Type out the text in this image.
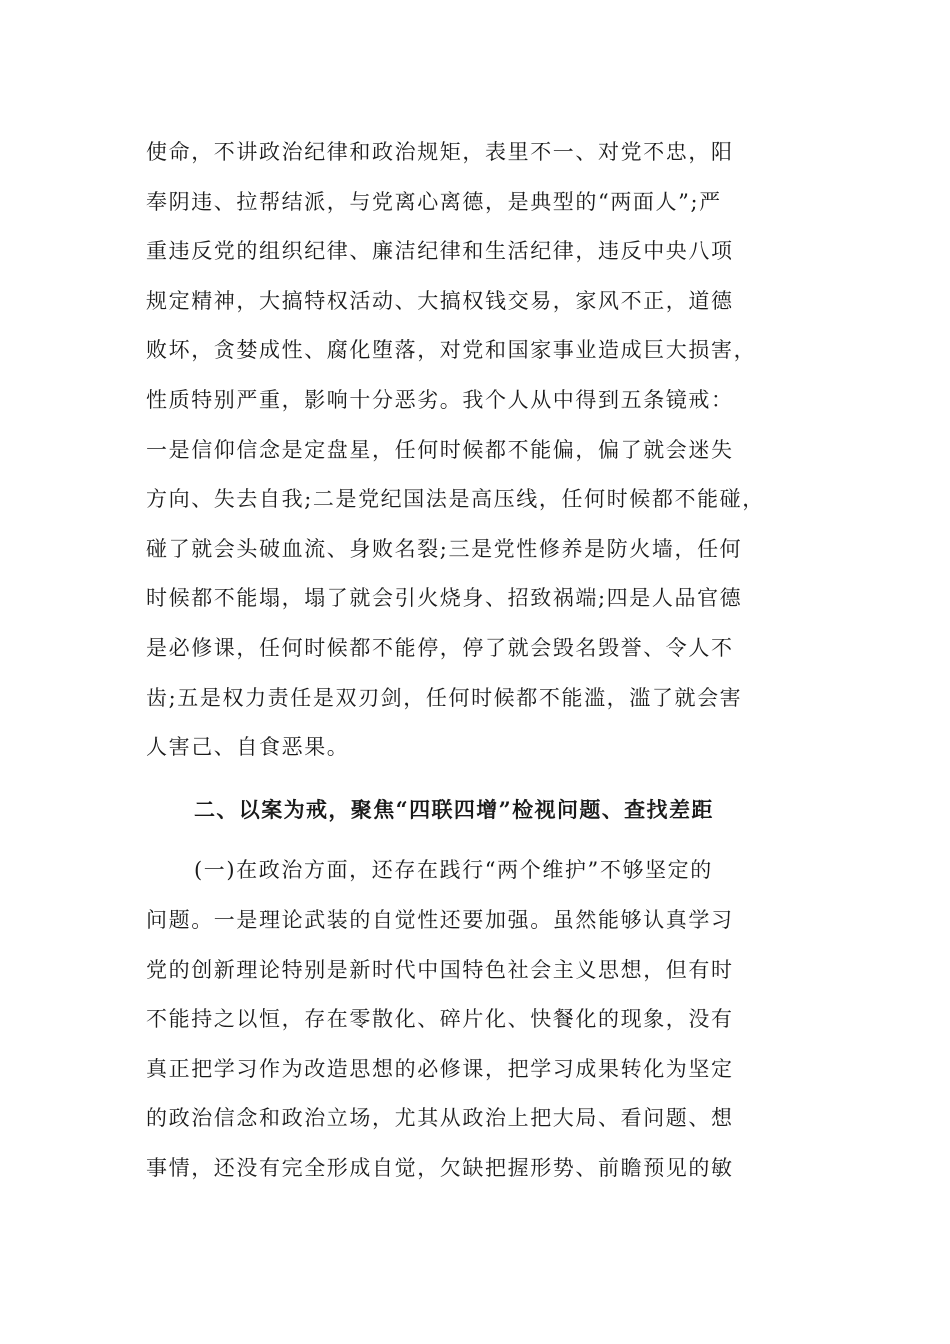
使命，不讲政治纪律和政治规矩，表里不一、对党不忠，阳
奉阴违、拉帮结派，与党离心离德，是典型的“两面人”;严
重违反党的组织纪律、廉洁纪律和生活纪律，违反中央八项
规定精神，大搞特权活动、大搞权钱交易，家风不正，道德
败坏，贪婪成性、腐化堕落，对党和国家事业造成巨大损害，
性质特别严重，影响十分恶劣。我个人从中得到五条镜戒：
一是信仰信念是定盘星，任何时候都不能偏，偏了就会迷失
方向、失去自我;二是党纪国法是高压线，任何时候都不能碰，
碰了就会头破血流、身败名裂;三是党性修养是防火墙，任何
时候都不能塌，塌了就会引火烧身、招致祸端;四是人品官德
是必修课，任何时候都不能停，停了就会毁名毁誉、令人不
齿;五是权力责任是双刃剑，任何时候都不能滥，滥了就会害
人害己、自食恶果。
二、以案为戒，聚焦“四联四增”检视问题、查找差距
(一)在政治方面，还存在践行“两个维护”不够坚定的
问题。一是理论武装的自觉性还要加强。虽然能够认真学习
党的创新理论特别是新时代中国特色社会主义思想，但有时
不能持之以恒，存在零散化、碎片化、快餐化的现象，没有
真正把学习作为改造思想的必修课，把学习成果转化为坚定
的政治信念和政治立场，尤其从政治上把大局、看问题、想
事情，还没有完全形成自觉，欠缺把握形势、前瞻预见的敏
